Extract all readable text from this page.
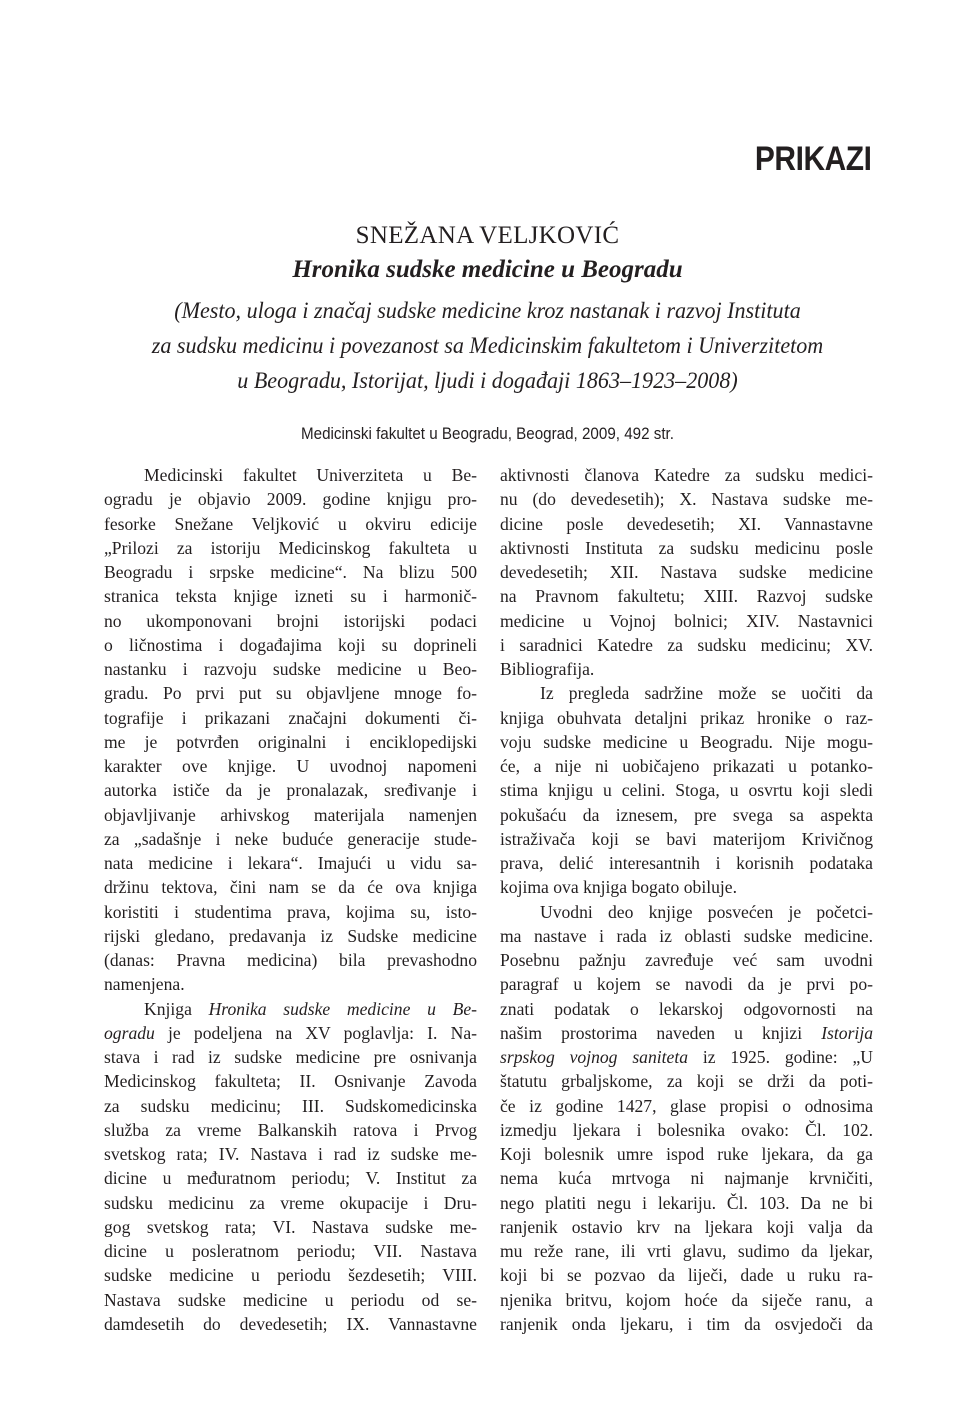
PRIKAZI
SNEŽANA VELJKOVIĆ
Hronika sudske medicine u Beogradu
(Mesto, uloga i značaj sudske medicine kroz nastanak i razvoj Instituta
za sudsku medicinu i povezanost sa Medicinskim fakultetom i Univerzitetom
u Beogradu, Istorijat, ljudi i događaji 1863–1923–2008)
Medicinski fakultet u Beogradu, Beograd, 2009, 492 str.
Medicinski fakultet Univerziteta u Be-
ogradu je objavio 2009. godine knjigu pro-
fesorke Snežane Veljković u okviru edicije
„Prilozi za istoriju Medicinskog fakulteta u
Beogradu i srpske medicine“. Na blizu 500
stranica teksta knjige izneti su i harmonič-
no ukomponovani brojni istorijski podaci
o ličnostima i događajima koji su doprineli
nastanku i razvoju sudske medicine u Beo-
gradu. Po prvi put su objavljene mnoge fo-
tografije i prikazani značajni dokumenti či-
me je potvrđen originalni i enciklopedijski
karakter ove knjige. U uvodnoj napomeni
autorka ističe da je pronalazak, sređivanje i
objavljivanje arhivskog materijala namenjen
za „sadašnje i neke buduće generacije stude-
nata medicine i lekara“. Imajući u vidu sa-
držinu tektova, čini nam se da će ova knjiga
koristiti i studentima prava, kojima su, isto-
rijski gledano, predavanja iz Sudske medicine
(danas: Pravna medicina) bila prevashodno
namenjena.
Knjiga Hronika sudske medicine u Be-
ogradu je podeljena na XV poglavlja: I. Na-
stava i rad iz sudske medicine pre osnivanja
Medicinskog fakulteta; II. Osnivanje Zavoda
za sudsku medicinu; III. Sudskomedicinska
služba za vreme Balkanskih ratova i Prvog
svetskog rata; IV. Nastava i rad iz sudske me-
dicine u međuratnom periodu; V. Institut za
sudsku medicinu za vreme okupacije i Dru-
gog svetskog rata; VI. Nastava sudske me-
dicine u posleratnom periodu; VII. Nastava
sudske medicine u periodu šezdesetih; VIII.
Nastava sudske medicine u periodu od se-
damdesetih do devedesetih; IX. Vannastavne
aktivnosti članova Katedre za sudsku medici-
nu (do devedesetih); X. Nastava sudske me-
dicine posle devedesetih; XI. Vannastavne
aktivnosti Instituta za sudsku medicinu posle
devedesetih; XII. Nastava sudske medicine
na Pravnom fakultetu; XIII. Razvoj sudske
medicine u Vojnoj bolnici; XIV. Nastavnici
i saradnici Katedre za sudsku medicinu; XV.
Bibliografija.
Iz pregleda sadržine može se uočiti da
knjiga obuhvata detaljni prikaz hronike o raz-
voju sudske medicine u Beogradu. Nije mogu-
će, a nije ni uobičajeno prikazati u potanko-
stima knjigu u celini. Stoga, u osvrtu koji sledi
pokušaću da iznesem, pre svega sa aspekta
istraživača koji se bavi materijom Krivičnog
prava, delić interesantnih i korisnih podataka
kojima ova knjiga bogato obiluje.
Uvodni deo knjige posvećen je početci-
ma nastave i rada iz oblasti sudske medicine.
Posebnu pažnju zavređuje već sam uvodni
paragraf u kojem se navodi da je prvi po-
znati podatak o lekarskoj odgovornosti na
našim prostorima naveden u knjizi Istorija
srpskog vojnog saniteta iz 1925. godine: „U
štatutu grbaljskome, za koji se drži da poti-
če iz godine 1427, glase propisi o odnosima
izmedju ljekara i bolesnika ovako: Čl. 102.
Koji bolesnik umre ispod ruke ljekara, da ga
nema kuća mrtvoga ni najmanje krvničiti,
nego platiti negu i lekariju. Čl. 103. Da ne bi
ranjenik ostavio krv na ljekara koji valja da
mu reže rane, ili vrti glavu, sudimo da ljekar,
koji bi se pozvao da liječi, dade u ruku ra-
njenika britvu, kojom hoće da siječe ranu, a
ranjenik onda ljekaru, i tim da osvjedoči da
